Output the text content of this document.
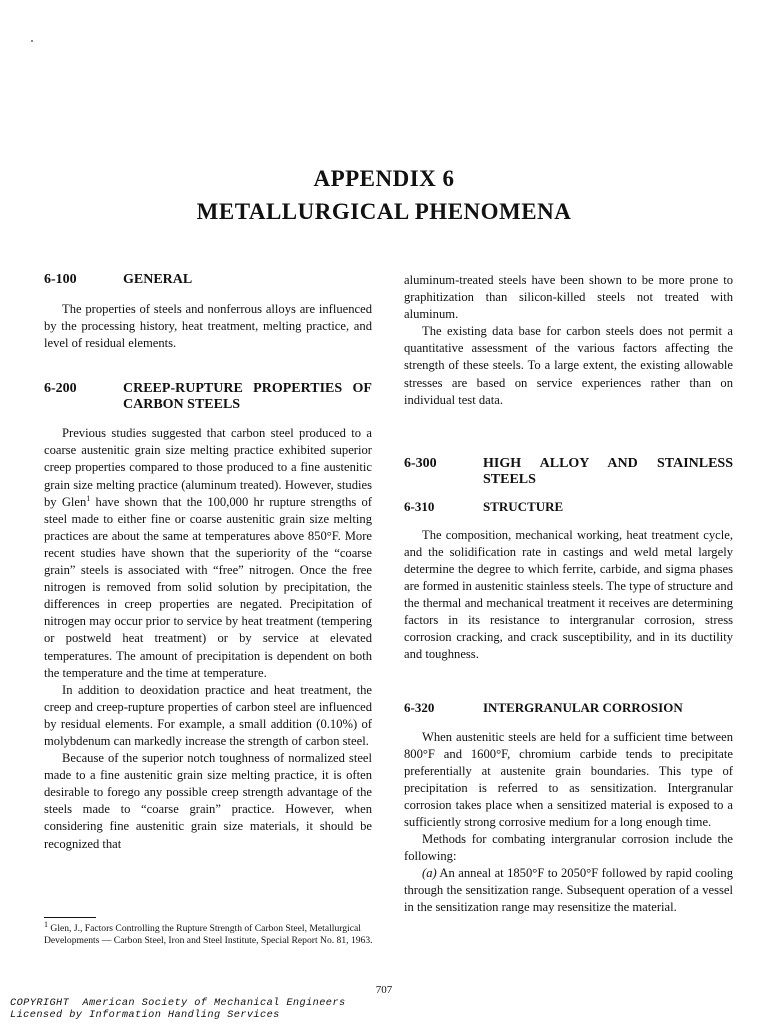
APPENDIX 6
METALLURGICAL PHENOMENA
6-100	GENERAL

The properties of steels and nonferrous alloys are influenced by the processing history, heat treatment, melting practice, and level of residual elements.

6-200	CREEP-RUPTURE PROPERTIES OF CARBON STEELS

Previous studies suggested that carbon steel produced to a coarse austenitic grain size melting practice exhibited superior creep properties compared to those produced to a fine austenitic grain size melting practice (aluminum treated). However, studies by Glen$^1$ have shown that the 100,000 hr rupture strengths of steel made to either fine or coarse austenitic grain size melting practices are about the same at temperatures above 850°F. More recent studies have shown that the superiority of the “coarse grain” steels is associated with “free” nitrogen. Once the free nitrogen is removed from solid solution by precipitation, the differences in creep properties are negated. Precipitation of nitrogen may occur prior to service by heat treatment (tempering or postweld heat treatment) or by service at elevated temperatures. The amount of precipitation is dependent on both the temperature and the time at temperature.

In addition to deoxidation practice and heat treatment, the creep and creep-rupture properties of carbon steel are influenced by residual elements. For example, a small addition (0.10%) of molybdenum can markedly increase the strength of carbon steel.

Because of the superior notch toughness of normalized steel made to a fine austenitic grain size melting practice, it is often desirable to forego any possible creep strength advantage of the steels made to “coarse grain” practice. However, when considering fine austenitic grain size materials, it should be recognized that

aluminum-treated steels have been shown to be more prone to graphitization than silicon-killed steels not treated with aluminum.

The existing data base for carbon steels does not permit a quantitative assessment of the various factors affecting the strength of these steels. To a large extent, the existing allowable stresses are based on service experiences rather than on individual test data.

6-300	HIGH ALLOY AND STAINLESS STEELS
6-310	STRUCTURE

The composition, mechanical working, heat treatment cycle, and the solidification rate in castings and weld metal largely determine the degree to which ferrite, carbide, and sigma phases are formed in austenitic stainless steels. The type of structure and the thermal and mechanical treatment it receives are determining factors in its resistance to intergranular corrosion, stress corrosion cracking, and crack susceptibility, and in its ductility and toughness.

6-320	INTERGRANULAR CORROSION

When austenitic steels are held for a sufficient time between 800°F and 1600°F, chromium carbide tends to precipitate preferentially at austenite grain boundaries. This type of precipitation is referred to as sensitization. Intergranular corrosion takes place when a sensitized material is exposed to a sufficiently strong corrosive medium for a long enough time.

Methods for combating intergranular corrosion include the following:

(a) An anneal at 1850°F to 2050°F followed by rapid cooling through the sensitization range. Subsequent operation of a vessel in the sensitization range may resensitize the material.

$^1$ Glen, J., Factors Controlling the Rupture Strength of Carbon Steel, Metallurgical Developments — Carbon Steel, Iron and Steel Institute, Special Report No. 81, 1963.
707
COPYRIGHT  American Society of Mechanical Engineers
Licensed by Information Handling Services
